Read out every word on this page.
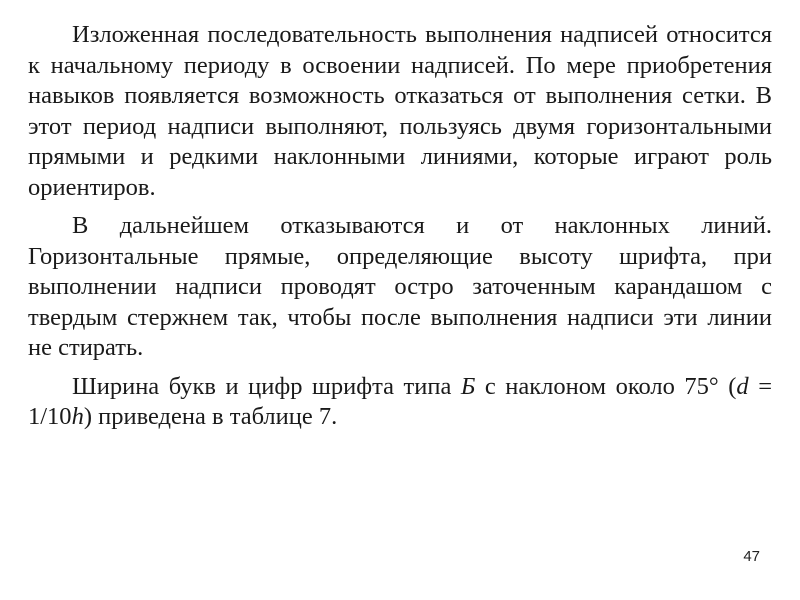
Изложенная последовательность выполнения надписей относится к начальному периоду в освоении надписей. По мере приобретения навыков появляется возможность отказаться от выполнения сетки. В этот период надписи выполняют, пользуясь двумя горизонтальными прямыми и редкими наклонными линиями, которые играют роль ориентиров.

В дальнейшем отказываются и от наклонных линий. Горизонтальные прямые, определяющие высоту шрифта, при выполнении надписи проводят остро заточенным карандашом с твердым стержнем так, чтобы после выполнения надписи эти линии не стирать.

Ширина букв и цифр шрифта типа Б с наклоном около 75° (d = 1/10h) приведена в таблице 7.

47
